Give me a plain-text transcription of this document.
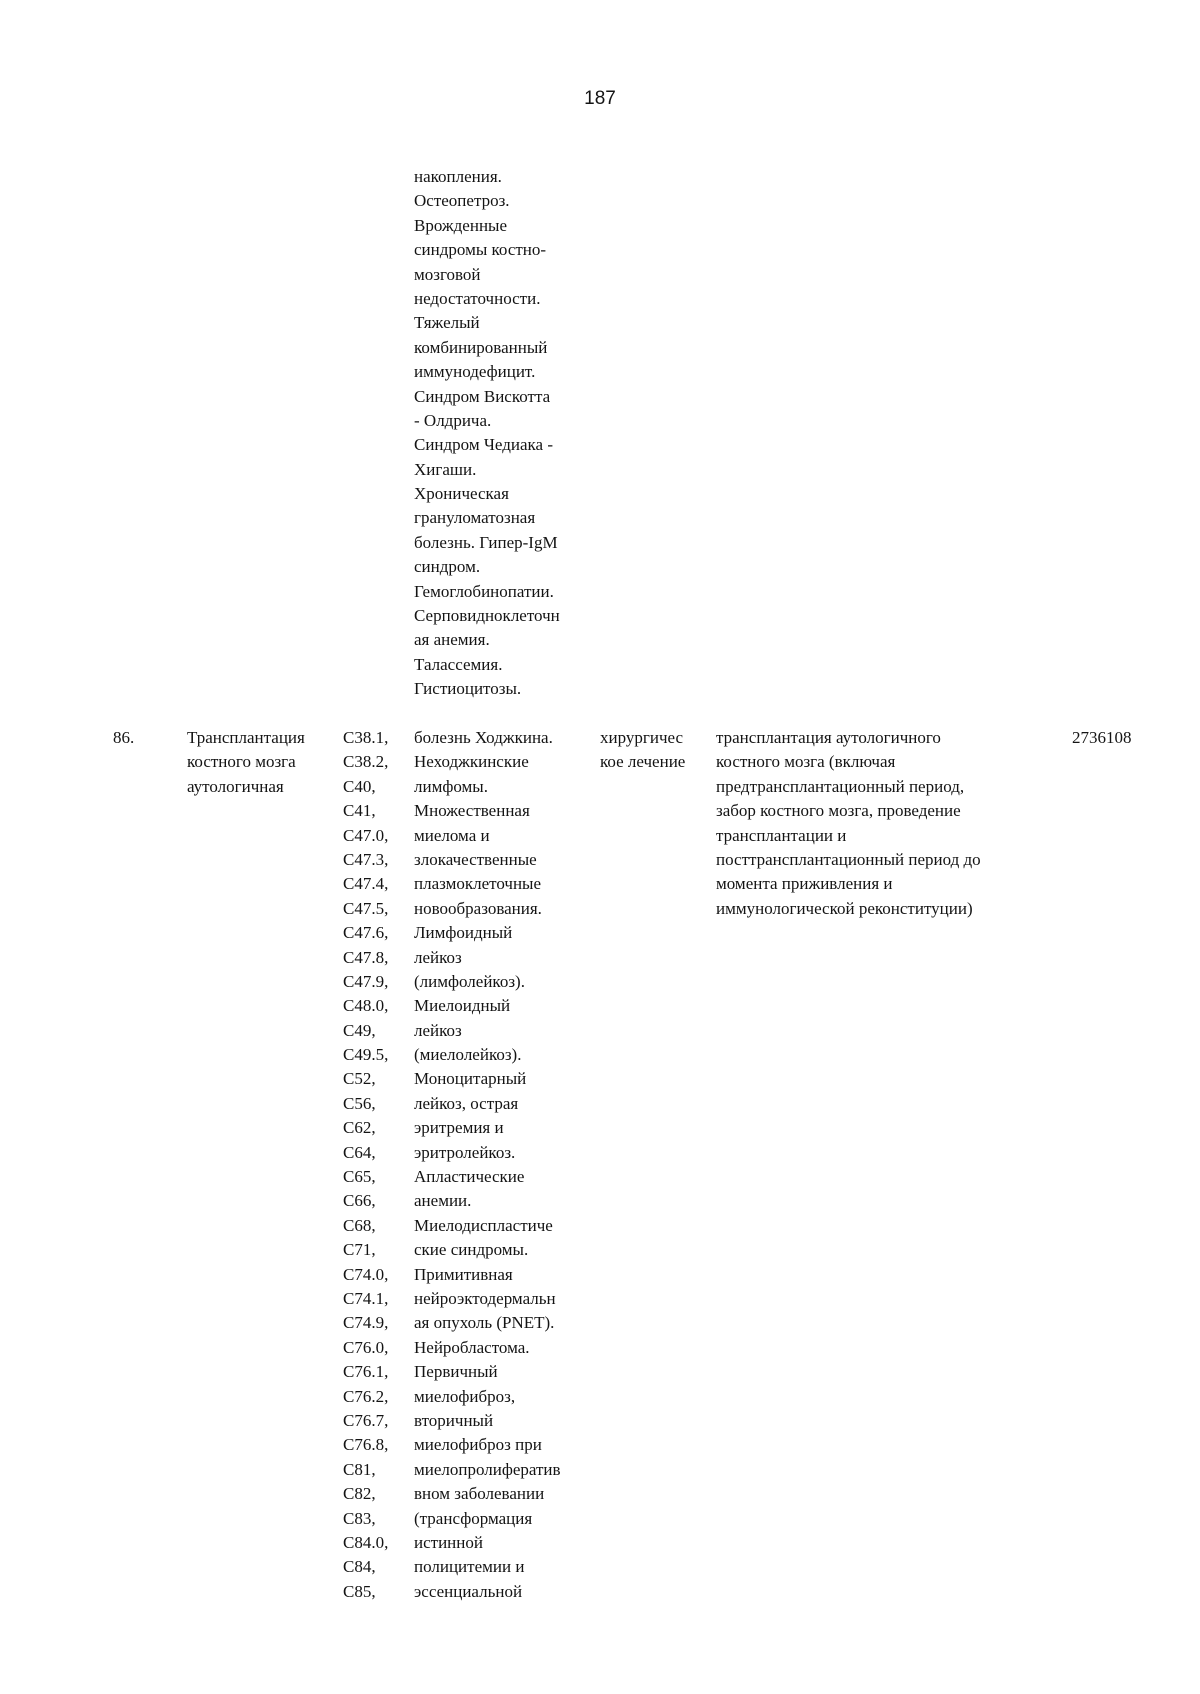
187
накопления.
Остеопетроз.
Врожденные
синдромы костно-
мозговой
недостаточности.
Тяжелый
комбинированный
иммунодефицит.
Синдром Вискотта
- Олдрича.
Синдром Чедиака -
Хигаши.
Хроническая
грануломатозная
болезнь. Гипер-IgM
синдром.
Гемоглобинопатии.
Серповидноклеточн
ая анемия.
Талассемия.
Гистиоцитозы.
86.	Трансплантация
костного мозга
аутологичная
C38.1,
C38.2,
C40,
C41,
C47.0,
C47.3,
C47.4,
C47.5,
C47.6,
C47.8,
C47.9,
C48.0,
C49,
C49.5,
C52,
C56,
C62,
C64,
C65,
C66,
C68,
C71,
C74.0,
C74.1,
C74.9,
C76.0,
C76.1,
C76.2,
C76.7,
C76.8,
C81,
C82,
C83,
C84.0,
C84,
C85,
болезнь Ходжкина.
Неходжкинские
лимфомы.
Множественная
миелома и
злокачественные
плазмоклеточные
новообразования.
Лимфоидный
лейкоз
(лимфолейкоз).
Миелоидный
лейкоз
(миелолейкоз).
Моноцитарный
лейкоз, острая
эритремия и
эритролейкоз.
Апластические
анемии.
Миелодиспластиче
ские синдромы.
Примитивная
нейроэктодермальн
ая опухоль (PNET).
Нейробластома.
Первичный
миелофиброз,
вторичный
миелофиброз при
миелопролифератив
вном заболевании
(трансформация
истинной
полицитемии и
эссенциальной
хирургичес
кое лечение
трансплантация аутологичного
костного мозга (включая
предтрансплантационный период,
забор костного мозга, проведение
трансплантации и
посттрансплантационный период до
момента приживления и
иммунологической реконституции)
2736108
